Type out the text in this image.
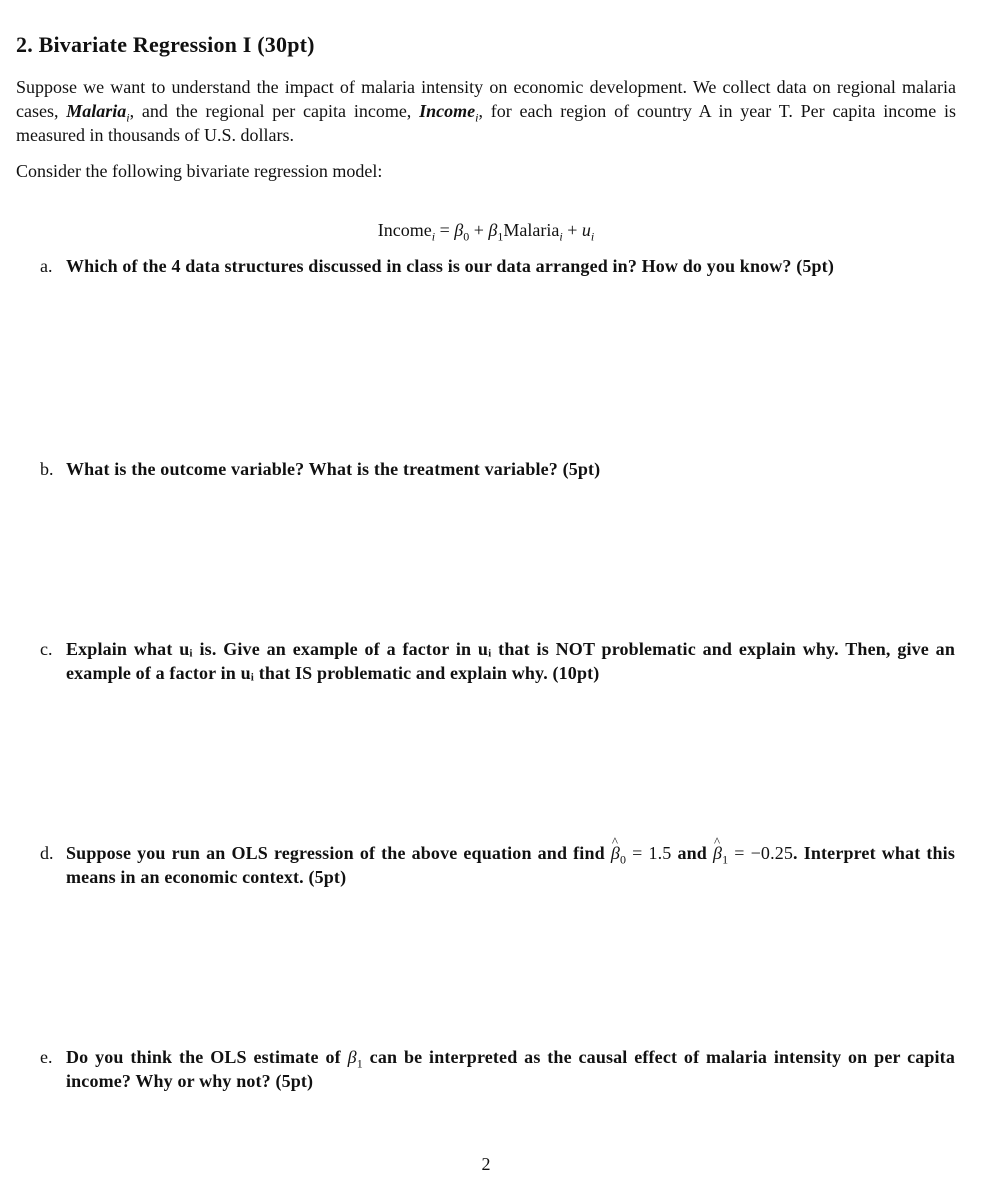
2. Bivariate Regression I (30pt)

Suppose we want to understand the impact of malaria intensity on economic development. We collect data on regional malaria cases, Malaria$_i$, and the regional per capita income, Income$_i$, for each region of country A in year T. Per capita income is measured in thousands of U.S. dollars.

Consider the following bivariate regression model:

Income$_i$ = $\beta_0$ + $\beta_1Malaria_i + u_i$
a. Which of the 4 data structures discussed in class is our data arranged in? How do you know? (5pt)
b. What is the outcome variable? What is the treatment variable? (5pt)
c. Explain what uᵢ is. Give an example of a factor in uᵢ that is NOT problematic and explain why. Then, give an example of a factor in uᵢ that IS problematic and explain why. (10pt)
d. Suppose you run an OLS regression of the above equation and find ^ $\beta_0 = 1.5$ and ^ $\beta_1 = -0.25$. Interpret what this means in an economic context. (5pt)
e. Do you think the OLS estimate of $\beta_1$ can be interpreted as the causal effect of malaria intensity on per capita income? Why or why not? (5pt)
2
